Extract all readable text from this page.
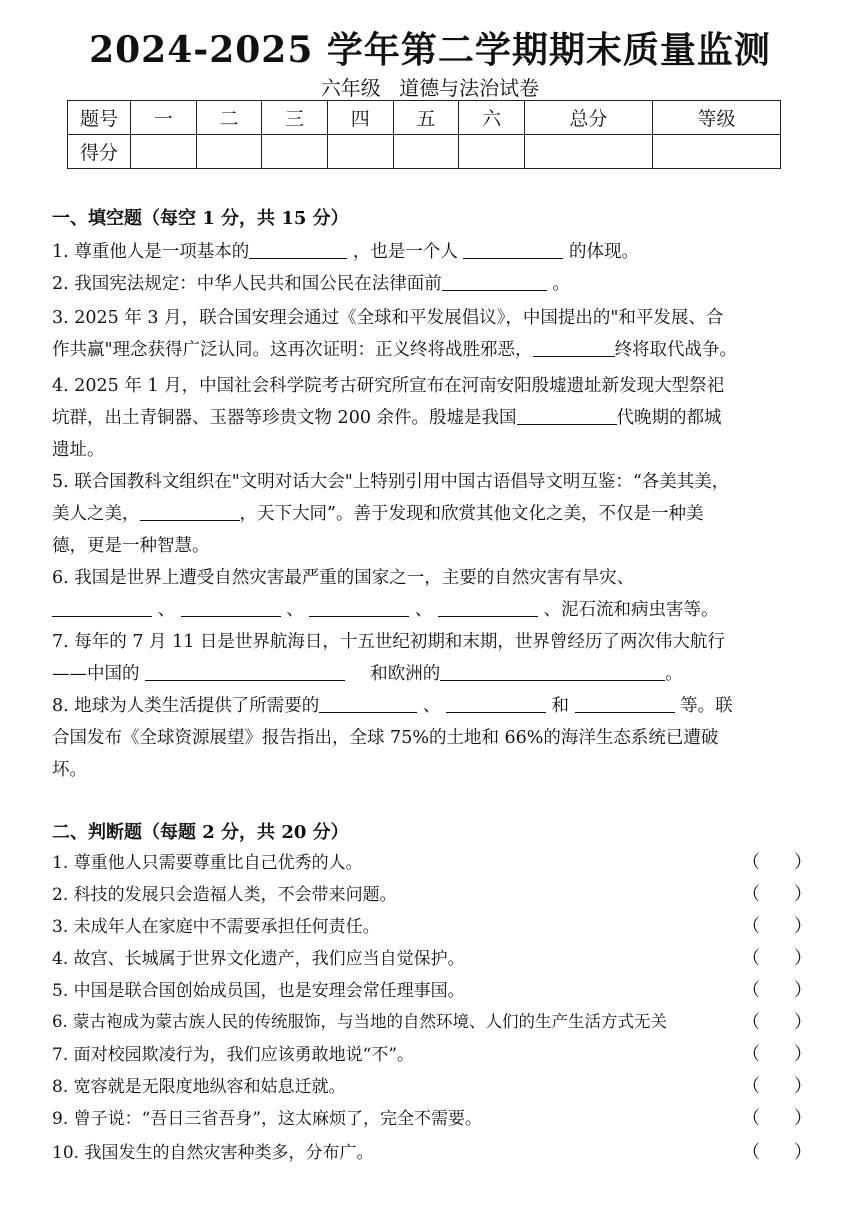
2024-2025 学年第二学期期末质量监测
六年级 道德与法治试卷
题号	一	二	三	四	五	六	总分	等级
得分								
一、填空题（每空 1 分，共 15 分）
1. 尊重他人是一项基本的	，也是一个人	的体现。
2. 我国宪法规定：中华人民共和国公民在法律面前	。
3. 2025 年 3 月，联合国安理会通过《全球和平发展倡议》，中国提出的"和平发展、合
作共赢"理念获得广泛认同。这再次证明：正义终将战胜邪恶，	终将取代战争。
4. 2025 年 1 月，中国社会科学院考古研究所宣布在河南安阳殷墟遗址新发现大型祭祀
坑群，出土青铜器、玉器等珍贵文物 200 余件。殷墟是我国	代晚期的都城
遗址。
5. 联合国教科文组织在"文明对话大会"上特别引用中国古语倡导文明互鉴：“各美其美，
美人之美，	，天下大同”。善于发现和欣赏其他文化之美，不仅是一种美
德，更是一种智慧。
6. 我国是世界上遭受自然灾害最严重的国家之一，主要的自然灾害有旱灾、
、	、	、	、泥石流和病虫害等。
7. 每年的 7 月 11 日是世界航海日，十五世纪初期和末期，世界曾经历了两次伟大航行
——中国的	和欧洲的	。
8. 地球为人类生活提供了所需要的	、	和	等。联
合国发布《全球资源展望》报告指出，全球 75%的土地和 66%的海洋生态系统已遭破
坏。
二、判断题（每题 2 分，共 20 分）
1. 尊重他人只需要尊重比自己优秀的人。	（ ）
2. 科技的发展只会造福人类，不会带来问题。	（ ）
3. 未成年人在家庭中不需要承担任何责任。	（ ）
4. 故宫、长城属于世界文化遗产，我们应当自觉保护。	（ ）
5. 中国是联合国创始成员国，也是安理会常任理事国。	（ ）
6. 蒙古袍成为蒙古族人民的传统服饰，与当地的自然环境、人们的生产生活方式无关	（ ）
7. 面对校园欺凌行为，我们应该勇敢地说“不”。	（ ）
8. 宽容就是无限度地纵容和姑息迁就。	（ ）
9. 曾子说：“吾日三省吾身”，这太麻烦了，完全不需要。	（ ）
10. 我国发生的自然灾害种类多，分布广。	（ ）
